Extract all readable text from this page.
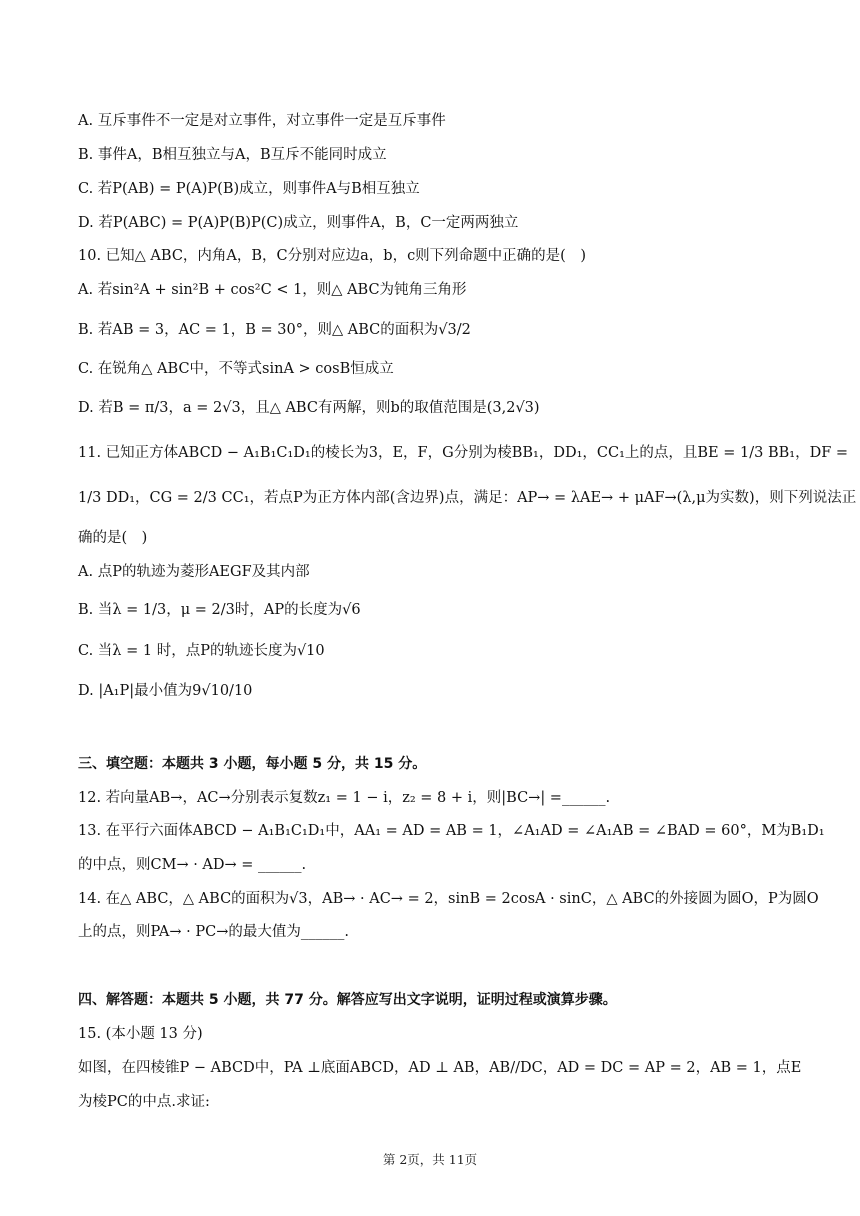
A. 互斥事件不一定是对立事件，对立事件一定是互斥事件
B. 事件A，B相互独立与A，B互斥不能同时成立
C. 若P(AB) = P(A)P(B)成立，则事件A与B相互独立
D. 若P(ABC) = P(A)P(B)P(C)成立，则事件A，B，C一定两两独立
10. 已知△ ABC，内角A，B，C分别对应边a，b，c则下列命题中正确的是(　)
A. 若sin²A + sin²B + cos²C < 1，则△ ABC为钝角三角形
B. 若AB = 3，AC = 1，B = 30°，则△ ABC的面积为√3/2
C. 在锐角△ ABC中，不等式sinA > cosB恒成立
D. 若B = π/3，a = 2√3，且△ ABC有两解，则b的取值范围是(3,2√3)
11. 已知正方体ABCD − A₁B₁C₁D₁的棱长为3，E，F，G分别为棱BB₁，DD₁，CC₁上的点，且BE = 1/3 BB₁，DF =
1/3 DD₁，CG = 2/3 CC₁，若点P为正方体内部(含边界)点，满足：AP→ = λAE→ + μAF→(λ,μ为实数)，则下列说法正
确的是(　)
A. 点P的轨迹为菱形AEGF及其内部
B. 当λ = 1/3，μ = 2/3时，AP的长度为√6
C. 当λ = 1 时，点P的轨迹长度为√10
D. |A₁P|最小值为9√10/10
三、填空题：本题共 3 小题，每小题 5 分，共 15 分。
12. 若向量AB→，AC→分别表示复数z₁ = 1 − i，z₂ = 8 + i，则|BC→| =______.
13. 在平行六面体ABCD − A₁B₁C₁D₁中，AA₁ = AD = AB = 1，∠A₁AD = ∠A₁AB = ∠BAD = 60°，M为B₁D₁
的中点，则CM→ · AD→ = ______.
14. 在△ ABC，△ ABC的面积为√3，AB→ · AC→ = 2，sinB = 2cosA · sinC，△ ABC的外接圆为圆O，P为圆O
上的点，则PA→ · PC→的最大值为______.
四、解答题：本题共 5 小题，共 77 分。解答应写出文字说明，证明过程或演算步骤。
15. (本小题 13 分)
如图，在四棱锥P − ABCD中，PA ⊥底面ABCD，AD ⊥ AB，AB//DC，AD = DC = AP = 2，AB = 1，点E
为棱PC的中点.求证:
第 2页，共 11页
